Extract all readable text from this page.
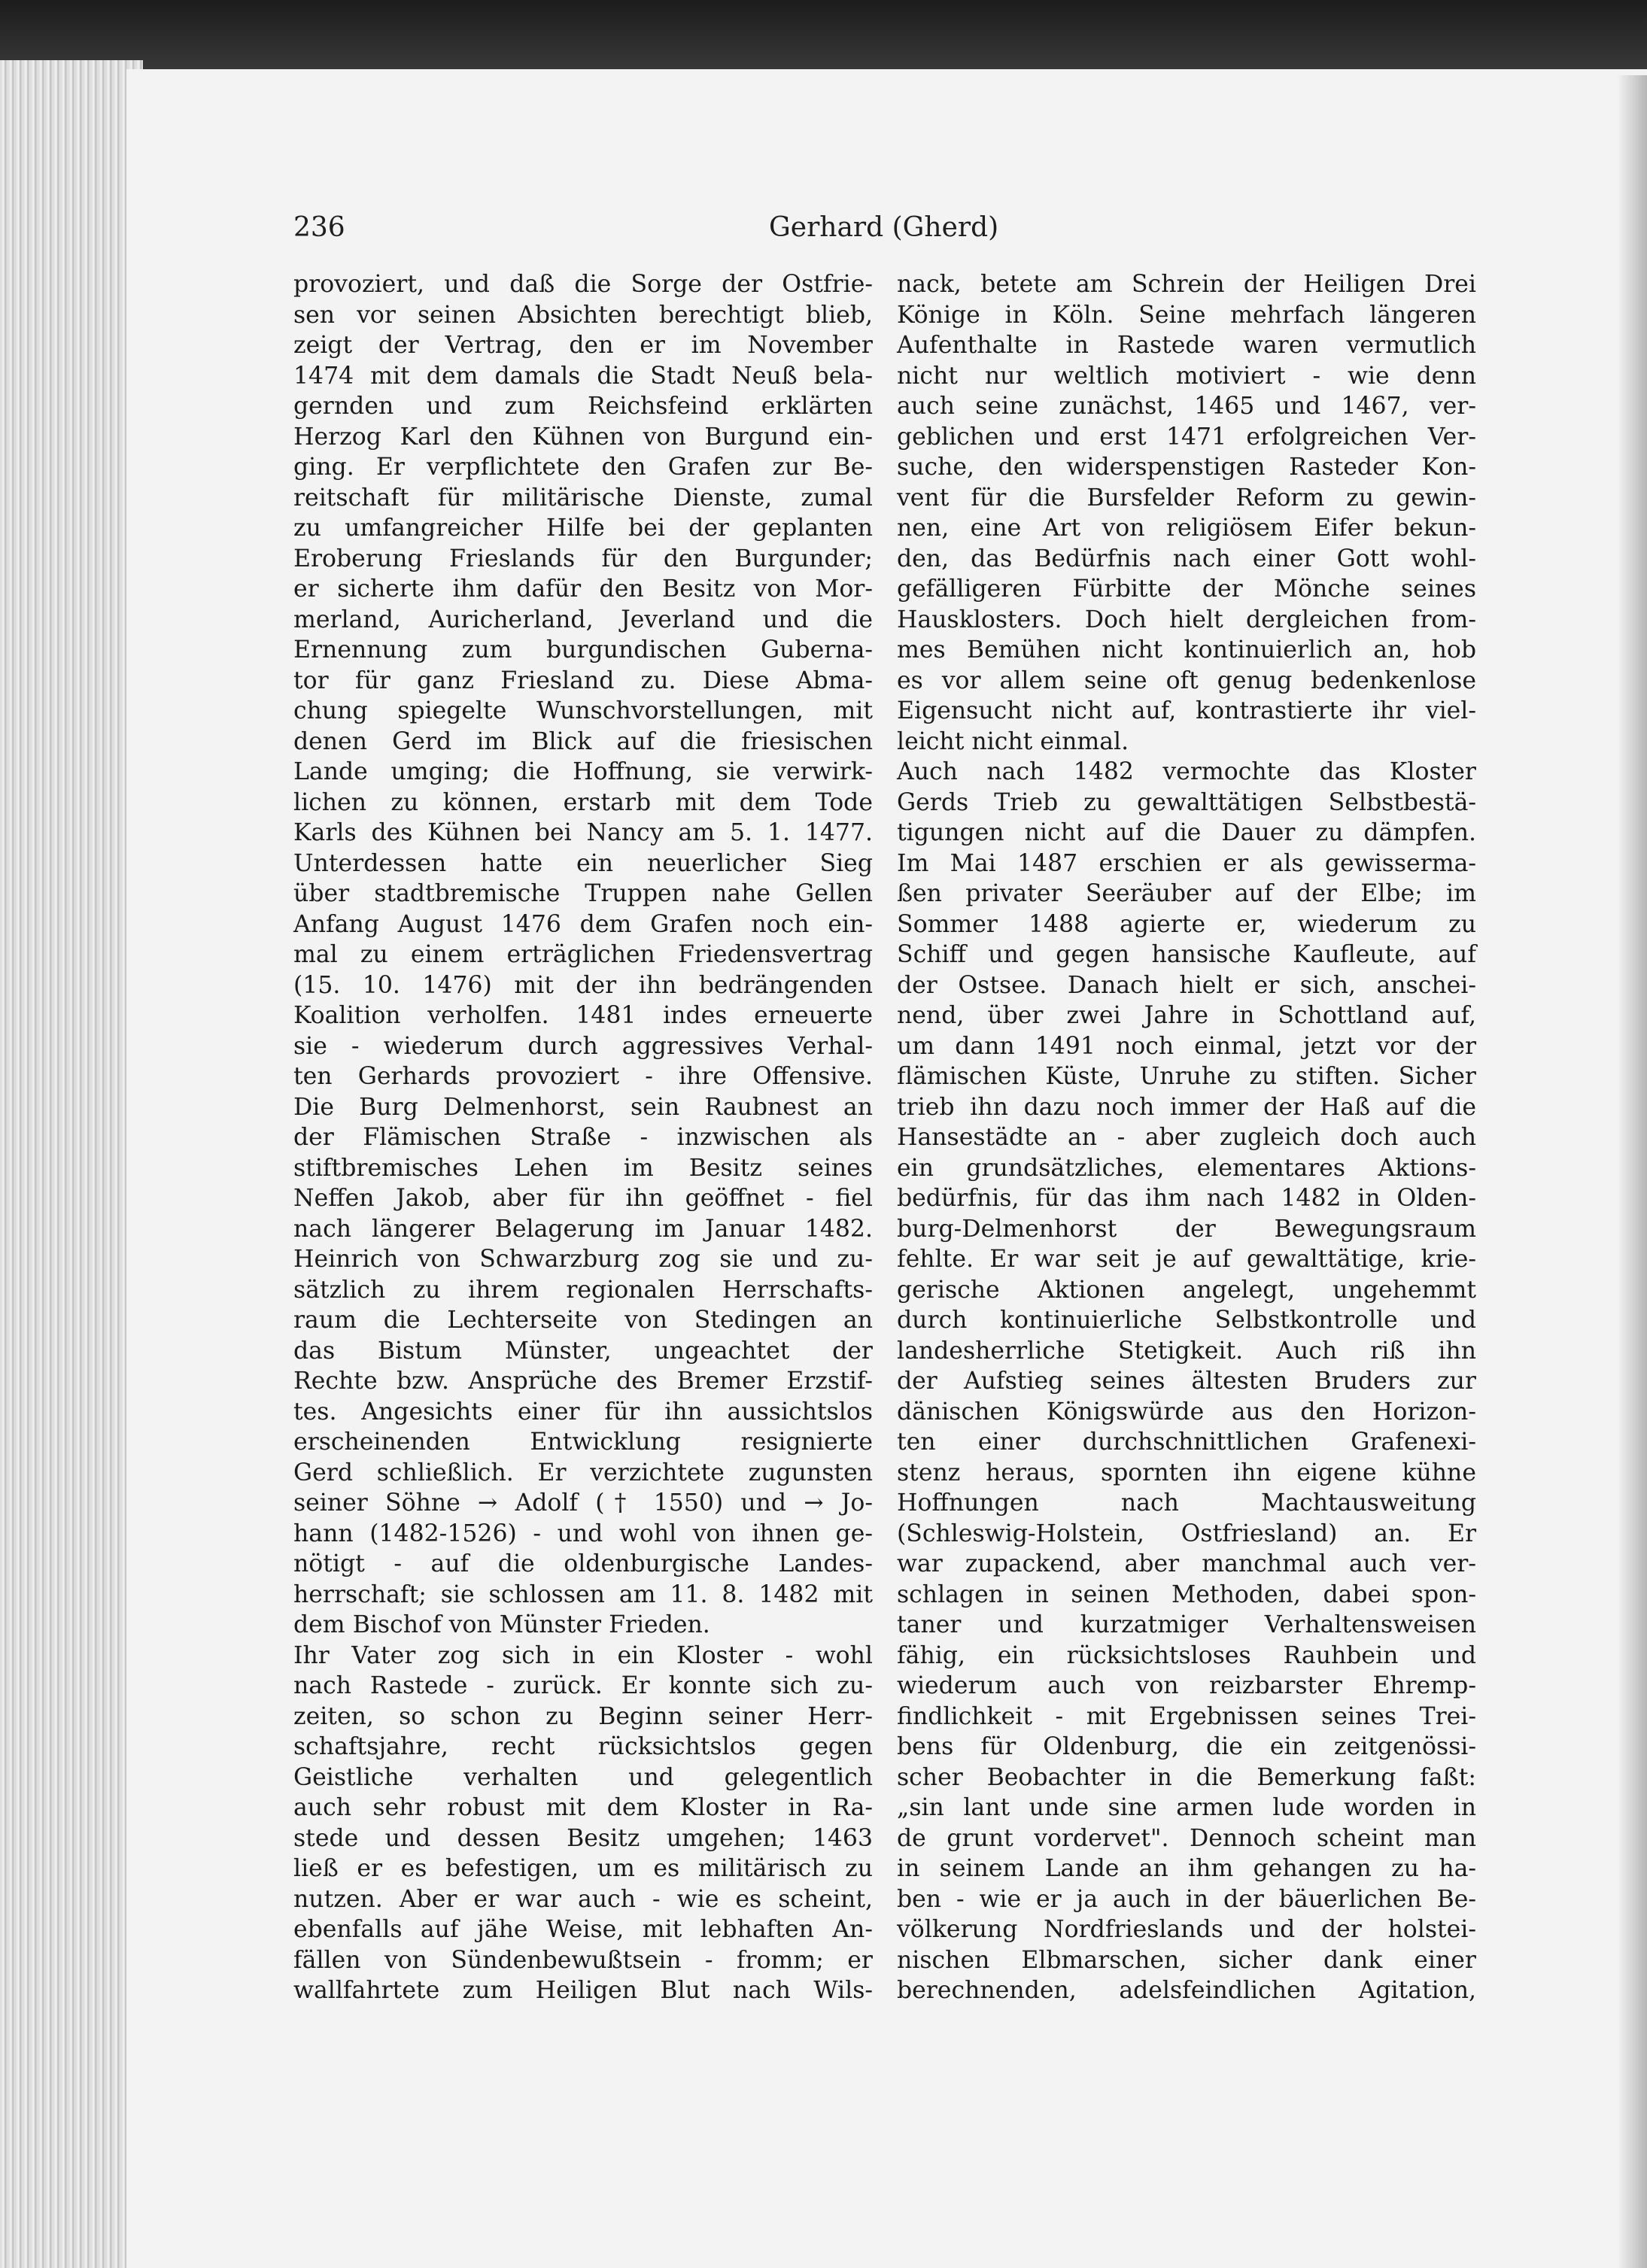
236	Gerhard (Gherd)
provoziert, und daß die Sorge der Ostfrie-
sen vor seinen Absichten berechtigt blieb,
zeigt der Vertrag, den er im November
1474 mit dem damals die Stadt Neuß bela-
gernden und zum Reichsfeind erklärten
Herzog Karl den Kühnen von Burgund ein-
ging. Er verpflichtete den Grafen zur Be-
reitschaft für militärische Dienste, zumal
zu umfangreicher Hilfe bei der geplanten
Eroberung Frieslands für den Burgunder;
er sicherte ihm dafür den Besitz von Mor-
merland, Auricherland, Jeverland und die
Ernennung zum burgundischen Guberna-
tor für ganz Friesland zu. Diese Abma-
chung spiegelte Wunschvorstellungen, mit
denen Gerd im Blick auf die friesischen
Lande umging; die Hoffnung, sie verwirk-
lichen zu können, erstarb mit dem Tode
Karls des Kühnen bei Nancy am 5. 1. 1477.
Unterdessen hatte ein neuerlicher Sieg
über stadtbremische Truppen nahe Gellen
Anfang August 1476 dem Grafen noch ein-
mal zu einem erträglichen Friedensvertrag
(15. 10. 1476) mit der ihn bedrängenden
Koalition verholfen. 1481 indes erneuerte
sie - wiederum durch aggressives Verhal-
ten Gerhards provoziert - ihre Offensive.
Die Burg Delmenhorst, sein Raubnest an
der Flämischen Straße - inzwischen als
stiftbremisches Lehen im Besitz seines
Neffen Jakob, aber für ihn geöffnet - fiel
nach längerer Belagerung im Januar 1482.
Heinrich von Schwarzburg zog sie und zu-
sätzlich zu ihrem regionalen Herrschafts-
raum die Lechterseite von Stedingen an
das Bistum Münster, ungeachtet der
Rechte bzw. Ansprüche des Bremer Erzstif-
tes. Angesichts einer für ihn aussichtslos
erscheinenden Entwicklung resignierte
Gerd schließlich. Er verzichtete zugunsten
seiner Söhne → Adolf († 1550) und → Jo-
hann (1482-1526) - und wohl von ihnen ge-
nötigt - auf die oldenburgische Landes-
herrschaft; sie schlossen am 11. 8. 1482 mit
dem Bischof von Münster Frieden.
Ihr Vater zog sich in ein Kloster - wohl
nach Rastede - zurück. Er konnte sich zu-
zeiten, so schon zu Beginn seiner Herr-
schaftsjahre, recht rücksichtslos gegen
Geistliche verhalten und gelegentlich
auch sehr robust mit dem Kloster in Ra-
stede und dessen Besitz umgehen; 1463
ließ er es befestigen, um es militärisch zu
nutzen. Aber er war auch - wie es scheint,
ebenfalls auf jähe Weise, mit lebhaften An-
fällen von Sündenbewußtsein - fromm; er
wallfahrtete zum Heiligen Blut nach Wils-
nack, betete am Schrein der Heiligen Drei
Könige in Köln. Seine mehrfach längeren
Aufenthalte in Rastede waren vermutlich
nicht nur weltlich motiviert - wie denn
auch seine zunächst, 1465 und 1467, ver-
geblichen und erst 1471 erfolgreichen Ver-
suche, den widerspenstigen Rasteder Kon-
vent für die Bursfelder Reform zu gewin-
nen, eine Art von religiösem Eifer bekun-
den, das Bedürfnis nach einer Gott wohl-
gefälligeren Fürbitte der Mönche seines
Hausklosters. Doch hielt dergleichen from-
mes Bemühen nicht kontinuierlich an, hob
es vor allem seine oft genug bedenkenlose
Eigensucht nicht auf, kontrastierte ihr viel-
leicht nicht einmal.
Auch nach 1482 vermochte das Kloster
Gerds Trieb zu gewalttätigen Selbstbestä-
tigungen nicht auf die Dauer zu dämpfen.
Im Mai 1487 erschien er als gewisserma-
ßen privater Seeräuber auf der Elbe; im
Sommer 1488 agierte er, wiederum zu
Schiff und gegen hansische Kaufleute, auf
der Ostsee. Danach hielt er sich, anschei-
nend, über zwei Jahre in Schottland auf,
um dann 1491 noch einmal, jetzt vor der
flämischen Küste, Unruhe zu stiften. Sicher
trieb ihn dazu noch immer der Haß auf die
Hansestädte an - aber zugleich doch auch
ein grundsätzliches, elementares Aktions-
bedürfnis, für das ihm nach 1482 in Olden-
burg-Delmenhorst der Bewegungsraum
fehlte. Er war seit je auf gewalttätige, krie-
gerische Aktionen angelegt, ungehemmt
durch kontinuierliche Selbstkontrolle und
landesherrliche Stetigkeit. Auch riß ihn
der Aufstieg seines ältesten Bruders zur
dänischen Königswürde aus den Horizon-
ten einer durchschnittlichen Grafenexi-
stenz heraus, spornten ihn eigene kühne
Hoffnungen nach Machtausweitung
(Schleswig-Holstein, Ostfriesland) an. Er
war zupackend, aber manchmal auch ver-
schlagen in seinen Methoden, dabei spon-
taner und kurzatmiger Verhaltensweisen
fähig, ein rücksichtsloses Rauhbein und
wiederum auch von reizbarster Ehremp-
findlichkeit - mit Ergebnissen seines Trei-
bens für Oldenburg, die ein zeitgenössi-
scher Beobachter in die Bemerkung faßt:
„sin lant unde sine armen lude worden in
de grunt vordervet". Dennoch scheint man
in seinem Lande an ihm gehangen zu ha-
ben - wie er ja auch in der bäuerlichen Be-
völkerung Nordfrieslands und der holstei-
nischen Elbmarschen, sicher dank einer
berechnenden, adelsfeindlichen Agitation,
